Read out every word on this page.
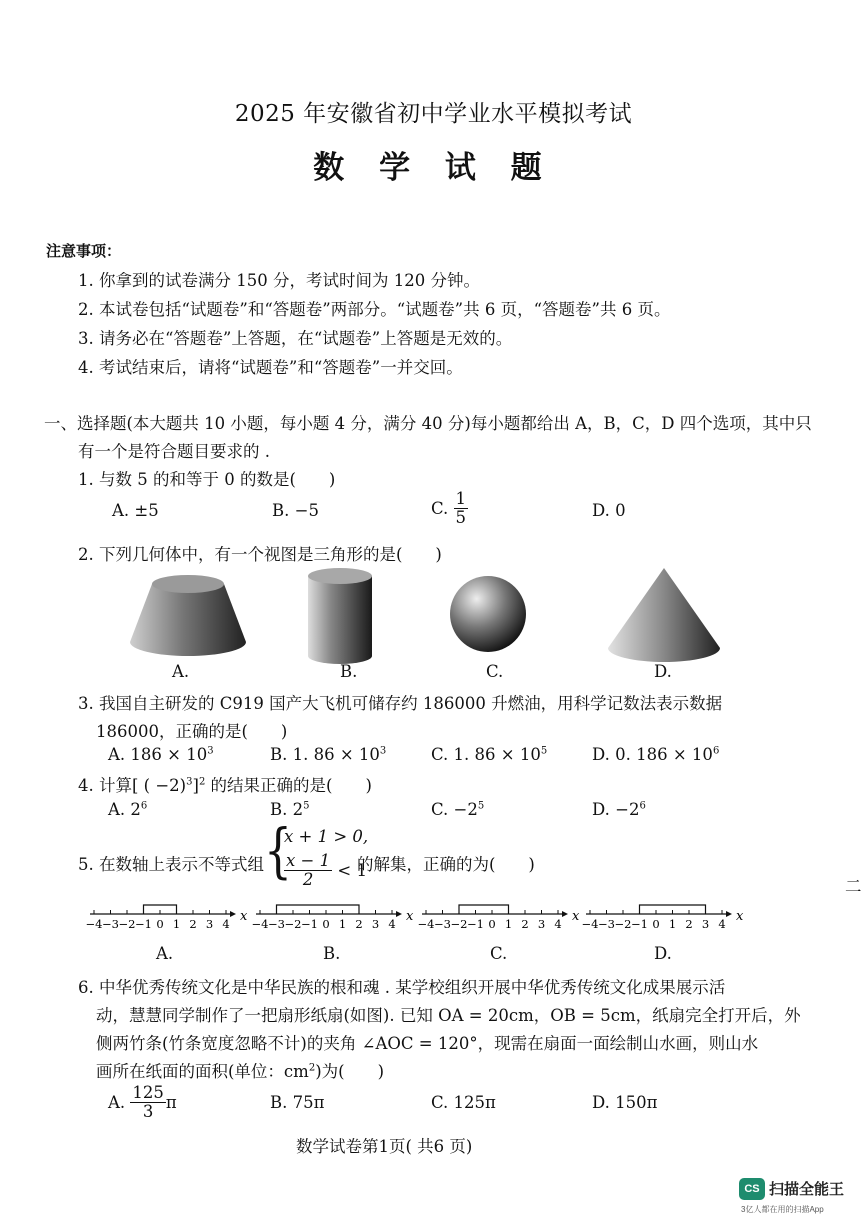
2025 年安徽省初中学业水平模拟考试
数 学 试 题
注意事项：
1. 你拿到的试卷满分 150 分，考试时间为 120 分钟。
2. 本试卷包括“试题卷”和“答题卷”两部分。“试题卷”共 6 页，“答题卷”共 6 页。
3. 请务必在“答题卷”上答题，在“试题卷”上答题是无效的。
4. 考试结束后，请将“试题卷”和“答题卷”一并交回。
一、选择题(本大题共 10 小题，每小题 4 分，满分 40 分)每小题都给出 A，B，C，D 四个选项，其中只
有一个是符合题目要求的 .
1. 与数 5 的和等于 0 的数是(　　)
A. ±5	B. −5	C. $\frac{1}{5}$	D. 0
2. 下列几何体中，有一个视图是三角形的是(　　)
A.	B.	C.	D.
3. 我国自主研发的 C919 国产大飞机可储存约 186000 升燃油，用科学记数法表示数据
186000，正确的是(　　)
A. $186 \times 10^3$	B. 1. $86 \times 10^3$	C. 1. $86 \times 10^5$	D. 0. $186 \times 10^6$
4. 计算[ ( −2)$^3$]$^2$ 的结果正确的是(　　)
A. $2^6$	B. $2^5$	C. $-2^5$	D. $-2^6$
5. 在数轴上表示不等式组 {
x + 1 > 0,
$\frac{x - 1}{2} < 1$
的解集，正确的为(　　)
−4 −3 −2 −1 0 1 2 3 4 x −4 −3 −2 −1 0 1 2 3 4 x −4 −3 −2 −1 0 1 2 3 4 x −4 −3 −2 −1 0 1 2 3 4 x
A.	B.	C.	D.
6. 中华优秀传统文化是中华民族的根和魂 . 某学校组织开展中华优秀传统文化成果展示活
动，慧慧同学制作了一把扇形纸扇(如图). 已知 OA = 20cm，OB = 5cm，纸扇完全打开后，外
侧两竹条(竹条宽度忽略不计)的夹角 ∠AOC = 120°，现需在扇面一面绘制山水画，则山水
画所在纸面的面积(单位：$cm^2$)为(　　)
A. $\frac{125}{3}$ π	B. 75π	C. 125π	D. 150π
数学试卷第1页( 共6 页)
二
CS 扫描全能王
3亿人都在用的扫描App
